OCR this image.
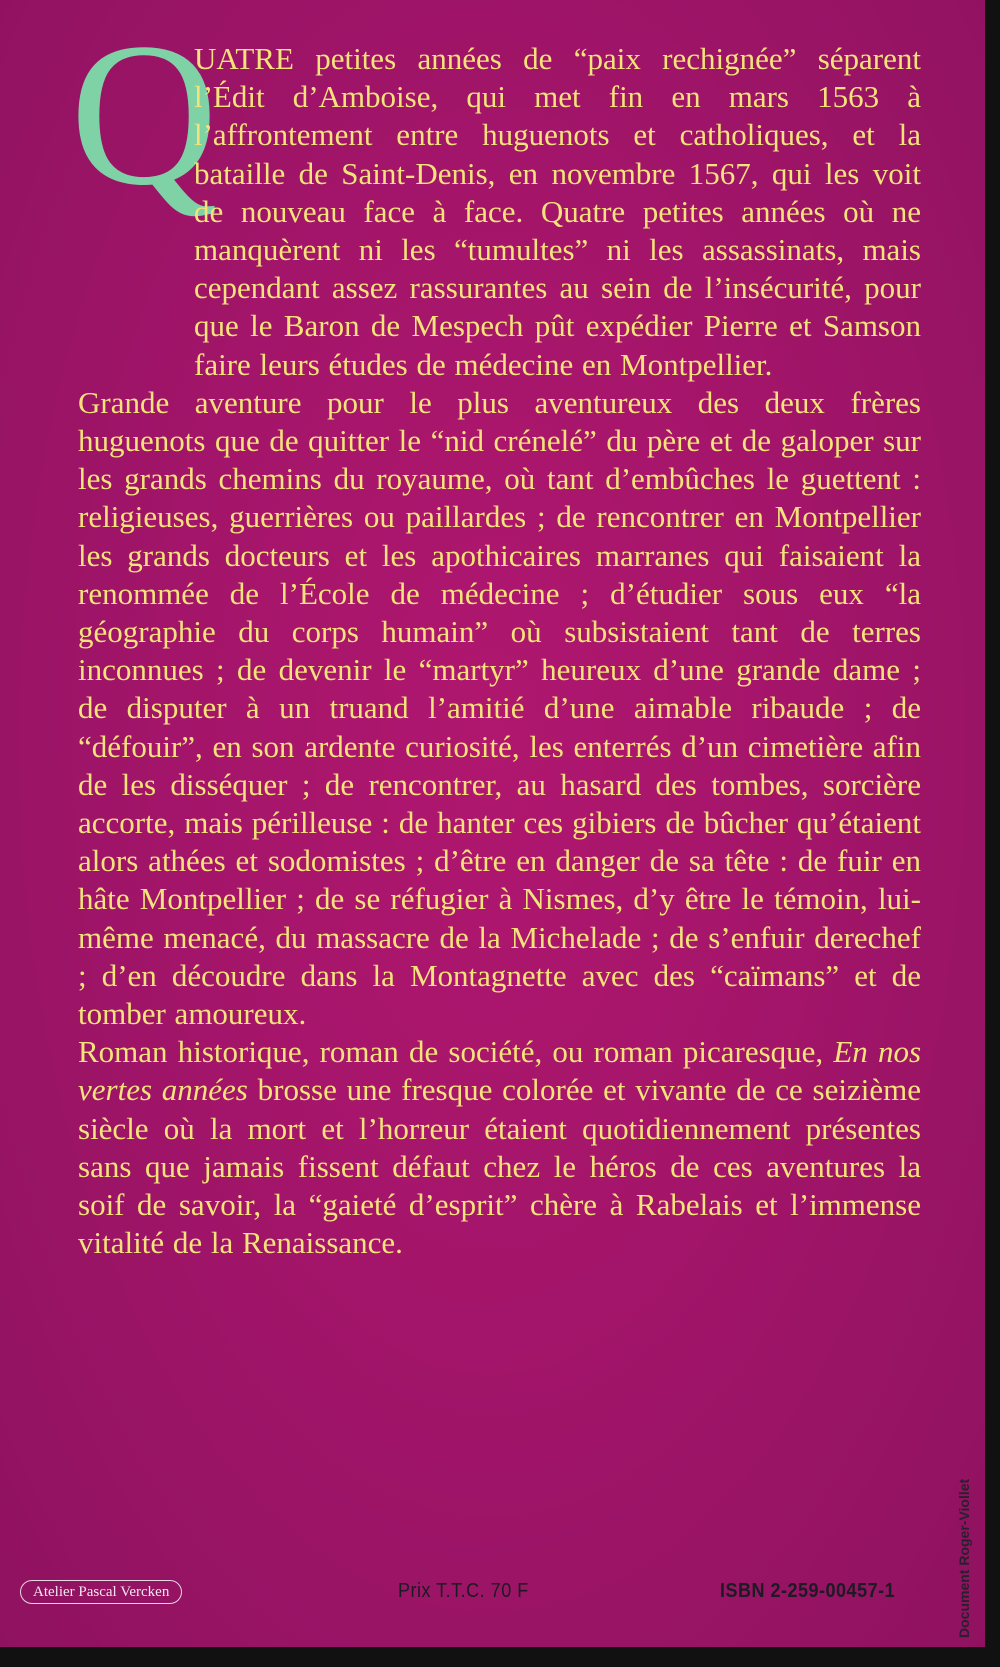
Q

UATRE petites années de “paix rechignée” séparent l’Édit d’Amboise, qui met fin en mars 1563 à l’affrontement entre huguenots et catholiques, et la bataille de Saint-Denis, en novembre 1567, qui les voit de nouveau face à face. Quatre petites années où ne manquèrent ni les “tumultes” ni les assassinats, mais cependant assez rassurantes au sein de l’insécurité, pour que le Baron de Mespech pût expédier Pierre et Samson faire leurs études de médecine en Montpellier.

Grande aventure pour le plus aventureux des deux frères huguenots que de quitter le “nid crénelé” du père et de galoper sur les grands chemins du royaume, où tant d’embûches le guettent : religieuses, guerrières ou paillardes ; de rencontrer en Montpellier les grands docteurs et les apothicaires marranes qui faisaient la renommée de l’École de médecine ; d’étudier sous eux “la géographie du corps humain” où subsistaient tant de terres inconnues ; de devenir le “martyr” heureux d’une grande dame ; de disputer à un truand l’amitié d’une aimable ribaude ; de “défouir”, en son ardente curiosité, les enterrés d’un cimetière afin de les disséquer ; de rencontrer, au hasard des tombes, sorcière accorte, mais périlleuse : de hanter ces gibiers de bûcher qu’étaient alors athées et sodomistes ; d’être en danger de sa tête : de fuir en hâte Montpellier ; de se réfugier à Nismes, d’y être le témoin, lui-même menacé, du massacre de la Michelade ; de s’enfuir derechef ; d’en découdre dans la Montagnette avec des “caïmans” et de tomber amoureux.

Roman historique, roman de société, ou roman picaresque, En nos vertes années brosse une fresque colorée et vivante de ce seizième siècle où la mort et l’horreur étaient quotidiennement présentes sans que jamais fissent défaut chez le héros de ces aventures la soif de savoir, la “gaieté d’esprit” chère à Rabelais et l’immense vitalité de la Renaissance.

Atelier Pascal Vercken	Prix T.T.C. 70 F	ISBN 2-259-00457-1	Document Roger-Viollet
